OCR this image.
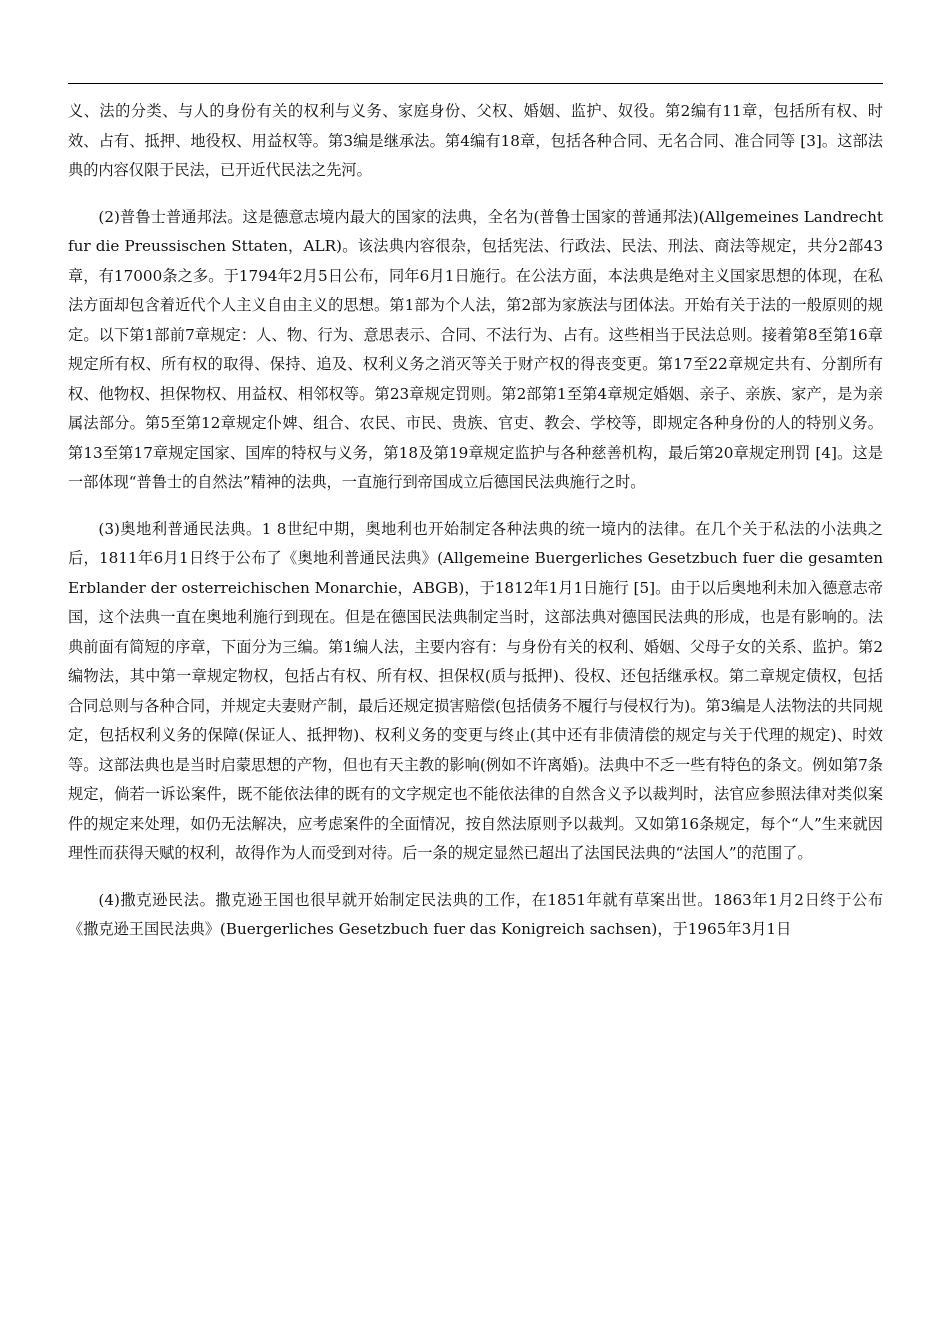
义、法的分类、与人的身份有关的权利与义务、家庭身份、父权、婚姻、监护、奴役。第2编有11章，包括所有权、时效、占有、抵押、地役权、用益权等。第3编是继承法。第4编有18章，包括各种合同、无名合同、准合同等 [3]。这部法典的内容仅限于民法，已开近代民法之先河。

(2)普鲁士普通邦法。这是德意志境内最大的国家的法典，全名为(普鲁士国家的普通邦法)(Allgemeines Landrecht fur die Preussischen Sttaten，ALR)。该法典内容很杂，包括宪法、行政法、民法、刑法、商法等规定，共分2部43章，有17000条之多。于1794年2月5日公布，同年6月1日施行。在公法方面，本法典是绝对主义国家思想的体现，在私法方面却包含着近代个人主义自由主义的思想。第1部为个人法，第2部为家族法与团体法。开始有关于法的一般原则的规定。以下第1部前7章规定：人、物、行为、意思表示、合同、不法行为、占有。这些相当于民法总则。接着第8至第16章规定所有权、所有权的取得、保持、追及、权利义务之消灭等关于财产权的得丧变更。第17至22章规定共有、分割所有权、他物权、担保物权、用益权、相邻权等。第23章规定罚则。第2部第1至第4章规定婚姻、亲子、亲族、家产，是为亲属法部分。第5至第12章规定仆婢、组合、农民、市民、贵族、官吏、教会、学校等，即规定各种身份的人的特别义务。第13至第17章规定国家、国库的特权与义务，第18及第19章规定监护与各种慈善机构，最后第20章规定刑罚 [4]。这是一部体现“普鲁士的自然法”精神的法典，一直施行到帝国成立后德国民法典施行之时。

(3)奥地利普通民法典。1 8世纪中期，奥地利也开始制定各种法典的统一境内的法律。在几个关于私法的小法典之后，1811年6月1日终于公布了《奥地利普通民法典》(Allgemeine Buergerliches Gesetzbuch fuer die gesamten Erblander der osterreichischen Monarchie，ABGB)，于1812年1月1日施行 [5]。由于以后奥地利未加入德意志帝国，这个法典一直在奥地利施行到现在。但是在德国民法典制定当时，这部法典对德国民法典的形成，也是有影响的。法典前面有简短的序章，下面分为三编。第1编人法，主要内容有：与身份有关的权利、婚姻、父母子女的关系、监护。第2编物法，其中第一章规定物权，包括占有权、所有权、担保权(质与抵押)、役权、还包括继承权。第二章规定债权，包括合同总则与各种合同，并规定夫妻财产制，最后还规定损害赔偿(包括债务不履行与侵权行为)。第3编是人法物法的共同规定，包括权利义务的保障(保证人、抵押物)、权利义务的变更与终止(其中还有非债清偿的规定与关于代理的规定)、时效等。这部法典也是当时启蒙思想的产物，但也有天主教的影响(例如不许离婚)。法典中不乏一些有特色的条文。例如第7条规定，倘若一诉讼案件，既不能依法律的既有的文字规定也不能依法律的自然含义予以裁判时，法官应参照法律对类似案件的规定来处理，如仍无法解决，应考虑案件的全面情况，按自然法原则予以裁判。又如第16条规定，每个“人”生来就因理性而获得天赋的权利，故得作为人而受到对待。后一条的规定显然已超出了法国民法典的“法国人”的范围了。

(4)撒克逊民法。撒克逊王国也很早就开始制定民法典的工作，在1851年就有草案出世。1863年1月2日终于公布《撒克逊王国民法典》(Buergerliches Gesetzbuch fuer das Konigreich sachsen)，于1965年3月1日
